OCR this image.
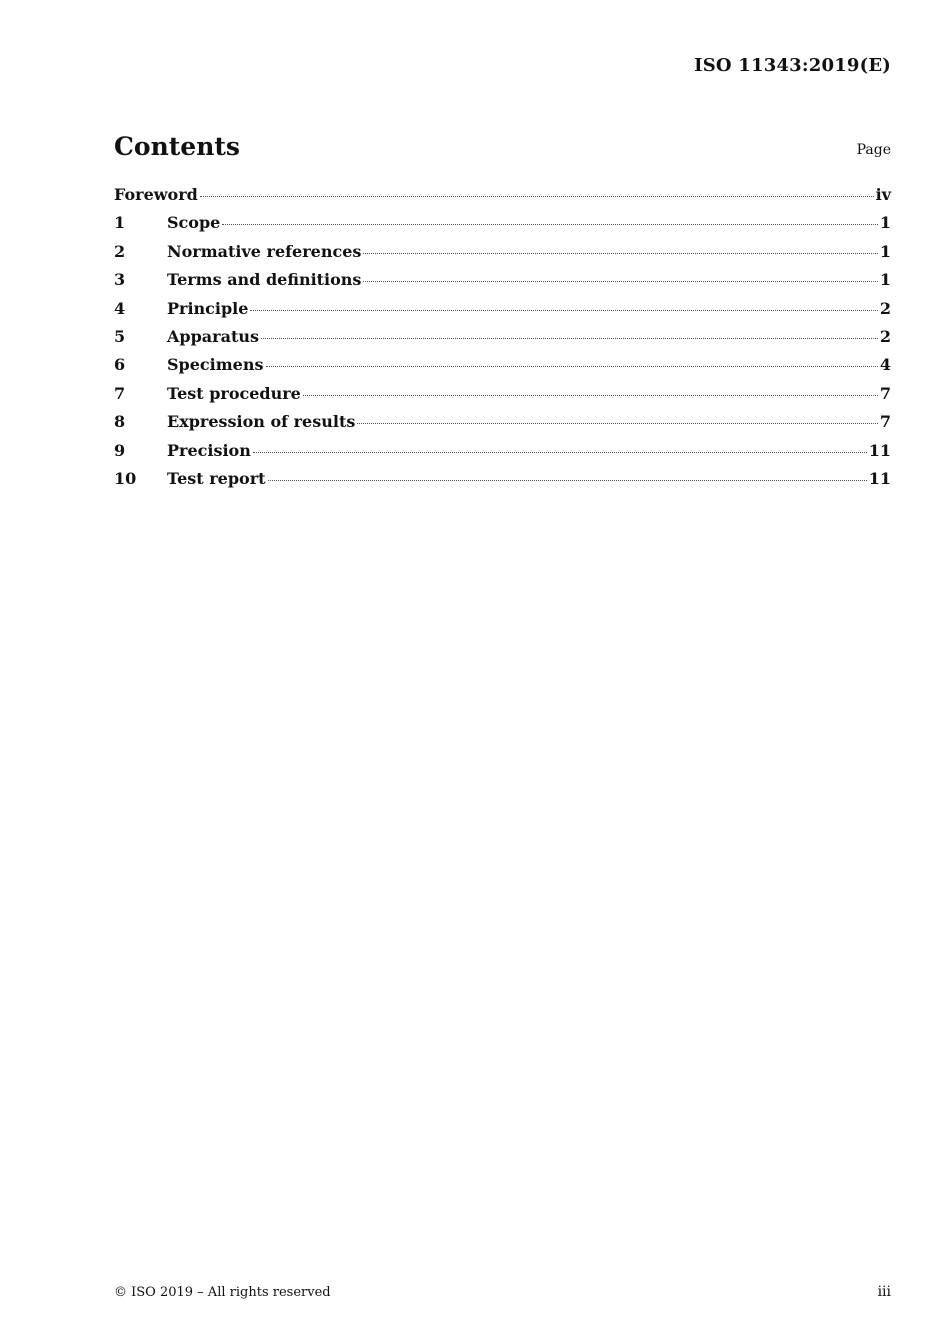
ISO 11343:2019(E)
Contents	Page
Foreword	iv
1	Scope	1
2	Normative references	1
3	Terms and definitions	1
4	Principle	2
5	Apparatus	2
6	Specimens	4
7	Test procedure	7
8	Expression of results	7
9	Precision	11
10	Test report	11
© ISO 2019 – All rights reserved	iii
